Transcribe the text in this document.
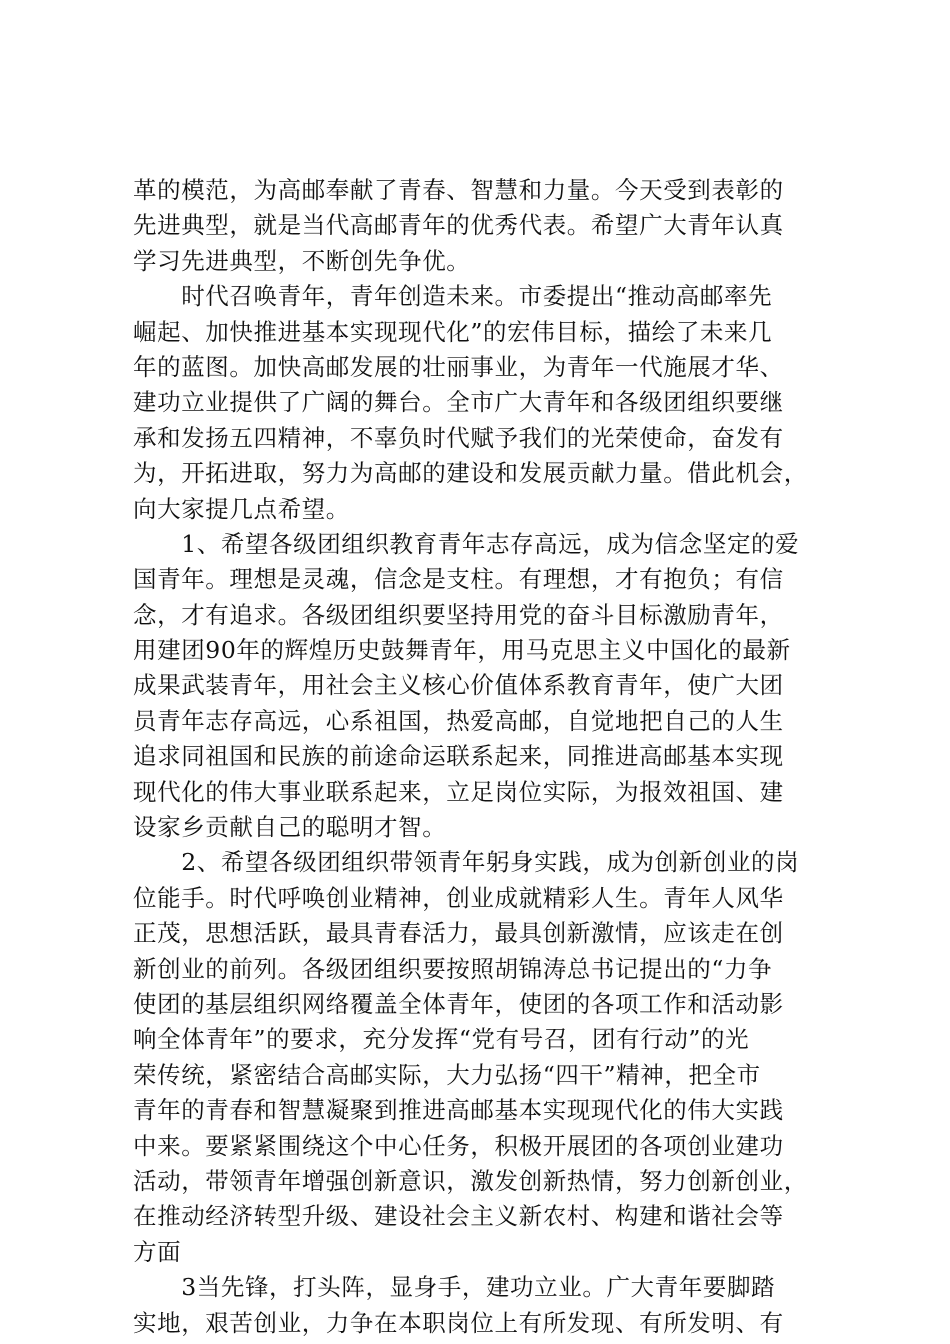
革的模范，为高邮奉献了青春、智慧和力量。今天受到表彰的
先进典型，就是当代高邮青年的优秀代表。希望广大青年认真
学习先进典型，不断创先争优。
　　时代召唤青年，青年创造未来。市委提出“推动高邮率先
崛起、加快推进基本实现现代化”的宏伟目标，描绘了未来几
年的蓝图。加快高邮发展的壮丽事业，为青年一代施展才华、
建功立业提供了广阔的舞台。全市广大青年和各级团组织要继
承和发扬五四精神，不辜负时代赋予我们的光荣使命，奋发有
为，开拓进取，努力为高邮的建设和发展贡献力量。借此机会，
向大家提几点希望。
　　1、希望各级团组织教育青年志存高远，成为信念坚定的爱
国青年。理想是灵魂，信念是支柱。有理想，才有抱负；有信
念，才有追求。各级团组织要坚持用党的奋斗目标激励青年，
用建团90年的辉煌历史鼓舞青年，用马克思主义中国化的最新
成果武装青年，用社会主义核心价值体系教育青年，使广大团
员青年志存高远，心系祖国，热爱高邮，自觉地把自己的人生
追求同祖国和民族的前途命运联系起来，同推进高邮基本实现
现代化的伟大事业联系起来，立足岗位实际，为报效祖国、建
设家乡贡献自己的聪明才智。
　　2、希望各级团组织带领青年躬身实践，成为创新创业的岗
位能手。时代呼唤创业精神，创业成就精彩人生。青年人风华
正茂，思想活跃，最具青春活力，最具创新激情，应该走在创
新创业的前列。各级团组织要按照胡锦涛总书记提出的“力争
使团的基层组织网络覆盖全体青年，使团的各项工作和活动影
响全体青年”的要求，充分发挥“党有号召，团有行动”的光
荣传统，紧密结合高邮实际，大力弘扬“四干”精神，把全市
青年的青春和智慧凝聚到推进高邮基本实现现代化的伟大实践
中来。要紧紧围绕这个中心任务，积极开展团的各项创业建功
活动，带领青年增强创新意识，激发创新热情，努力创新创业，
在推动经济转型升级、建设社会主义新农村、构建和谐社会等
方面
　　3当先锋，打头阵，显身手，建功立业。广大青年要脚踏
实地，艰苦创业，力争在本职岗位上有所发现、有所发明、有
